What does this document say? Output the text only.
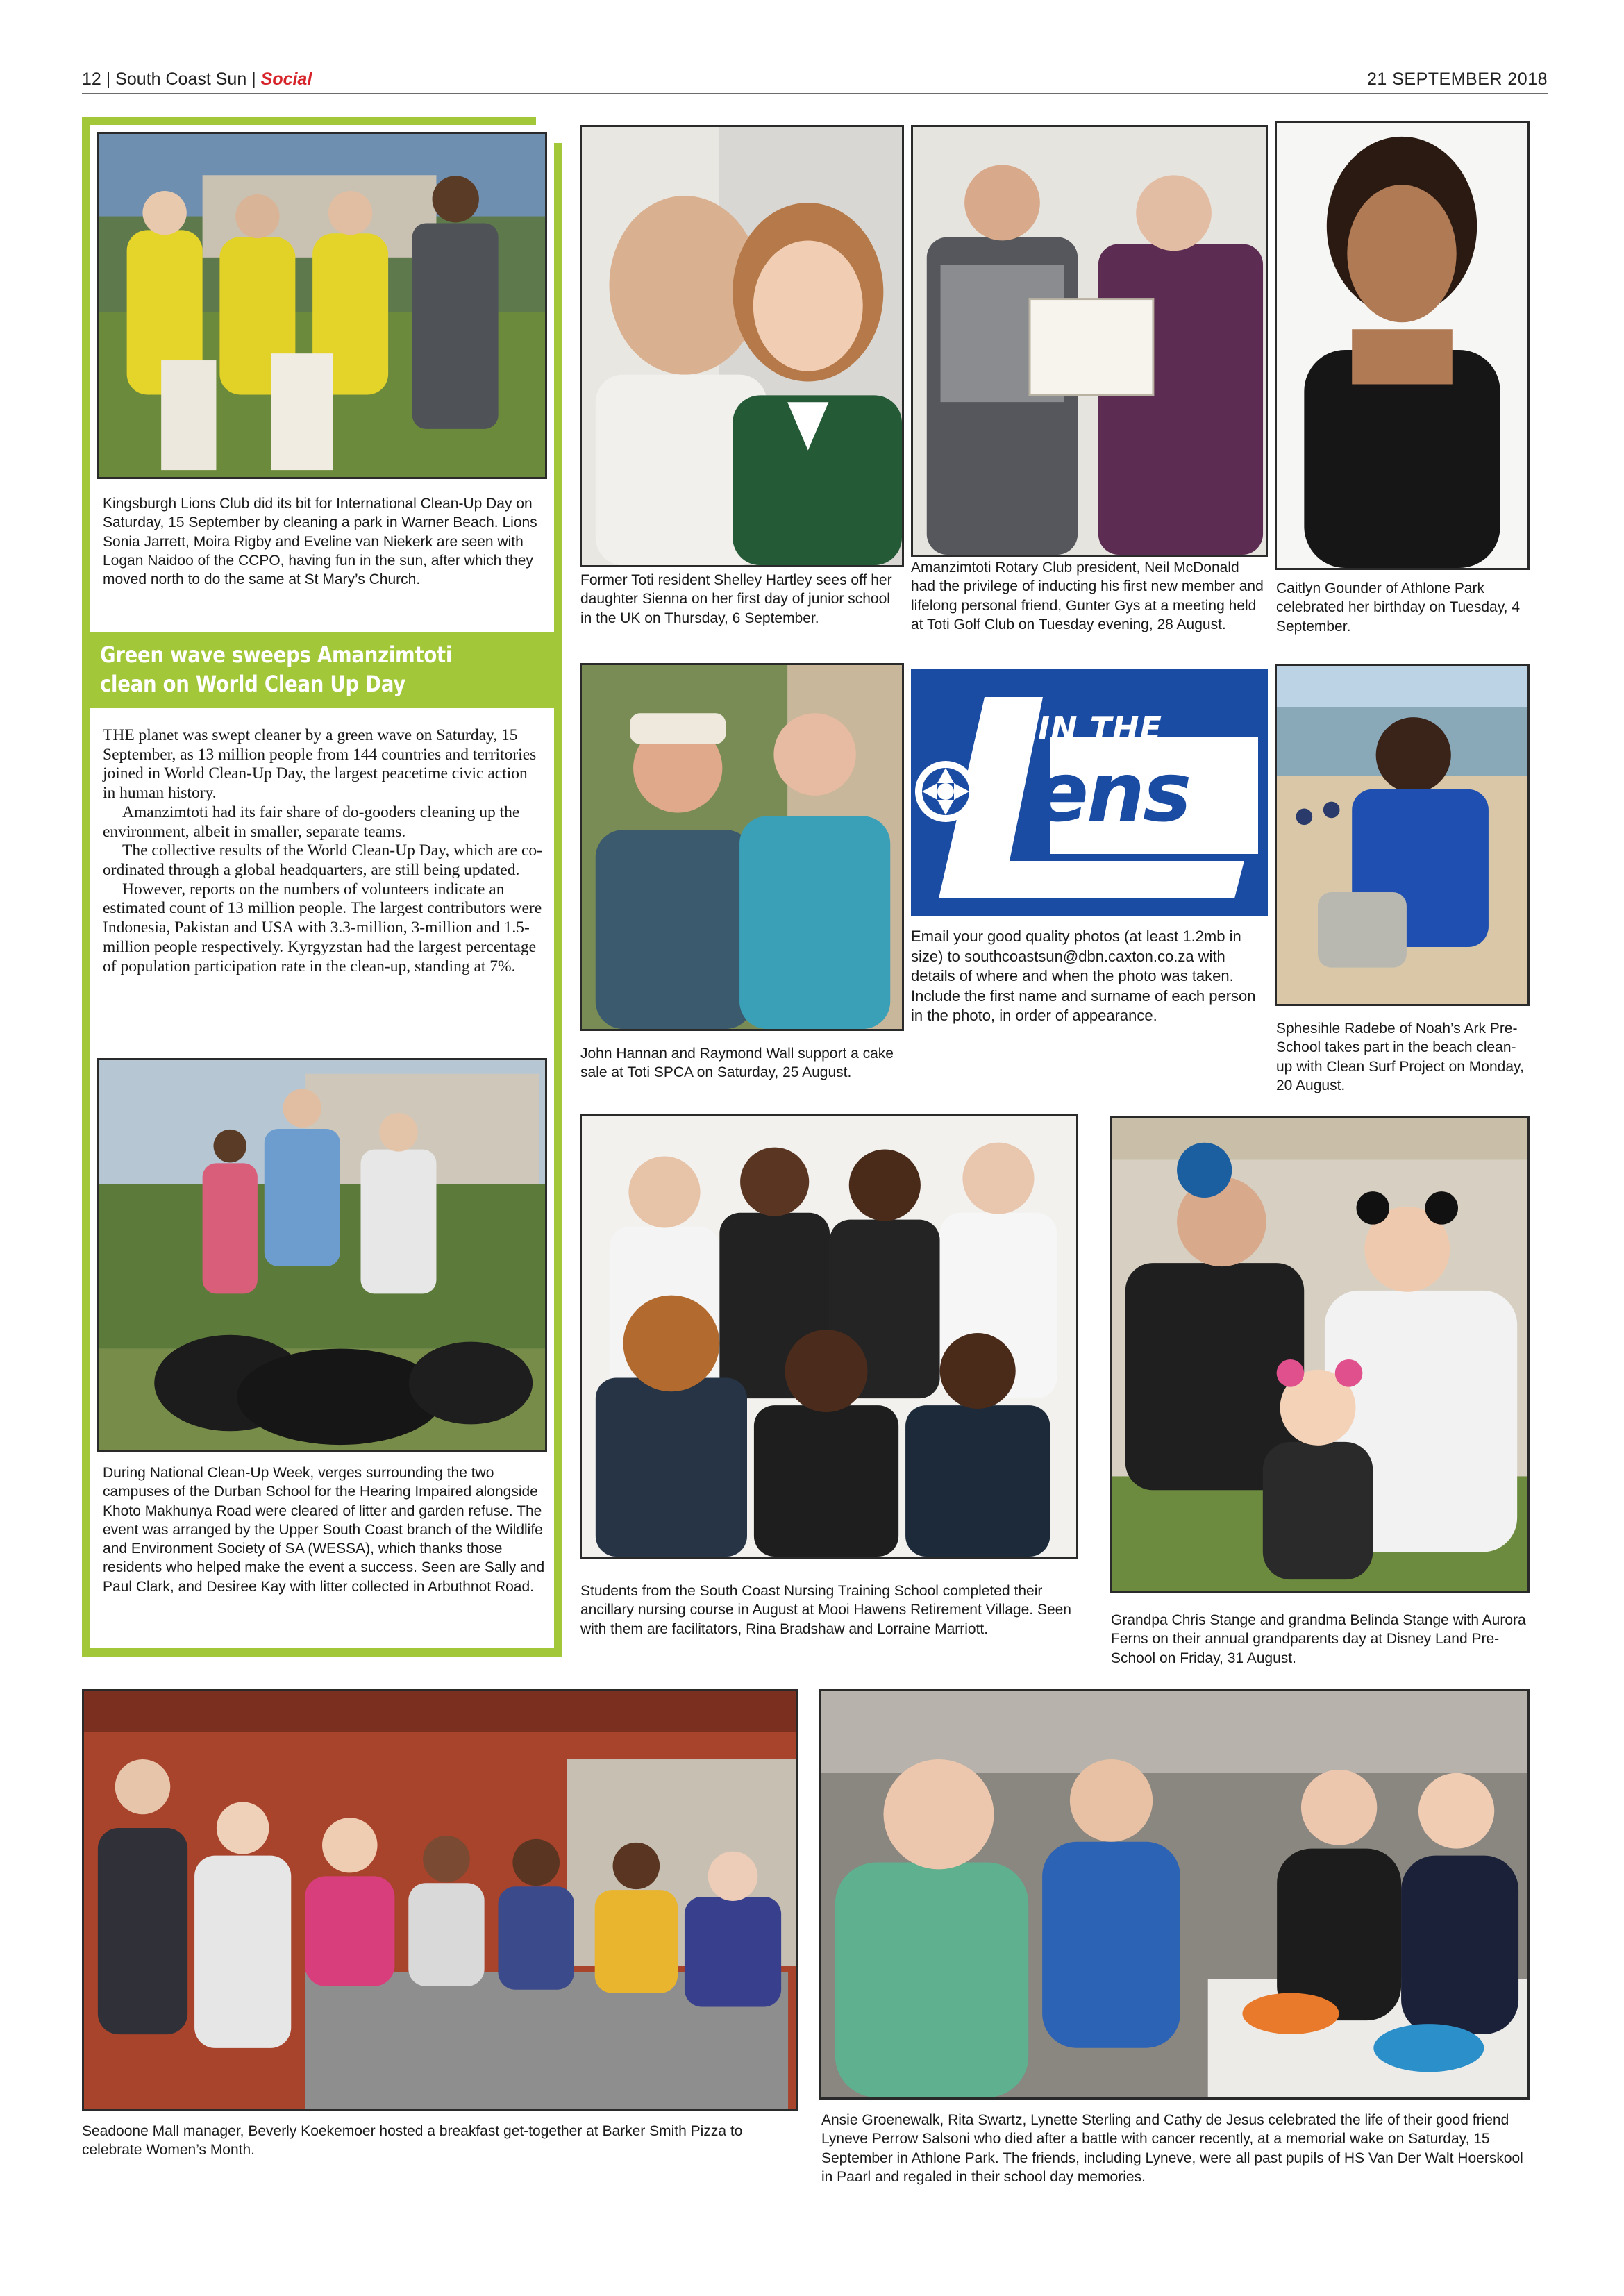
12 | South Coast Sun | Social	21 SEPTEMBER 2018
Green wave sweeps Amanzimtoti
clean on World Clean Up Day

THE planet was swept cleaner by a green wave on Saturday, 15 September, as 13 million people from 144 countries and territories joined in World Clean-Up Day, the largest peacetime civic action in human history.

Amanzimtoti had its fair share of do-gooders cleaning up the environment, albeit in smaller, separate teams.

The collective results of the World Clean-Up Day, which are co-ordinated through a global headquarters, are still being updated.

However, reports on the numbers of volunteers indicate an estimated count of 13 million people. The largest contributors were Indonesia, Pakistan and USA with 3.3-million, 3-million and 1.5-million people respectively. Kyrgyzstan had the largest percentage of population participation rate in the clean-up, standing at 7%.

Kingsburgh Lions Club did its bit for International Clean-Up Day on Saturday, 15 September by cleaning a park in Warner Beach. Lions Sonia Jarrett, Moira Rigby and Eveline van Niekerk are seen with Logan Naidoo of the CCPO, having fun in the sun, after which they moved north to do the same at St Mary’s Church.
During National Clean-Up Week, verges surrounding the two campuses of the Durban School for the Hearing Impaired alongside Khoto Makhunya Road were cleared of litter and garden refuse. The event was arranged by the Upper South Coast branch of the Wildlife and Environment Society of SA (WESSA), which thanks those residents who helped make the event a success. Seen are Sally and Paul Clark, and Desiree Kay with litter collected in Arbuthnot Road.
Former Toti resident Shelley Hartley sees off her daughter Sienna on her first day of junior school in the UK on Thursday, 6 September.
Amanzimtoti Rotary Club president, Neil McDonald had the privilege of inducting his first new member and lifelong personal friend, Gunter Gys at a meeting held at Toti Golf Club on Tuesday evening, 28 August.
Caitlyn Gounder of Athlone Park celebrated her birthday on Tuesday, 4 September.
John Hannan and Raymond Wall support a cake sale at Toti SPCA on Saturday, 25 August.
IN THE
ens
Email your good quality photos (at least 1.2mb in size) to southcoastsun@dbn.caxton.co.za with details of where and when the photo was taken. Include the first name and surname of each person in the photo, in order of appearance.
Sphesihle Radebe of Noah’s Ark Pre-School takes part in the beach clean-up with Clean Surf Project on Monday, 20 August.
Students from the South Coast Nursing Training School completed their ancillary nursing course in August at Mooi Hawens Retirement Village. Seen with them are facilitators, Rina Bradshaw and Lorraine Marriott.
Grandpa Chris Stange and grandma Belinda Stange with Aurora Ferns on their annual grandparents day at Disney Land Pre-School on Friday, 31 August.
Seadoone Mall manager, Beverly Koekemoer hosted a breakfast get-together at Barker Smith Pizza to celebrate Women’s Month.
Ansie Groenewalk, Rita Swartz, Lynette Sterling and Cathy de Jesus celebrated the life of their good friend Lyneve Perrow Salsoni who died after a battle with cancer recently, at a memorial wake on Saturday, 15 September in Athlone Park. The friends, including Lyneve, were all past pupils of HS Van Der Walt Hoerskool in Paarl and regaled in their school day memories.
